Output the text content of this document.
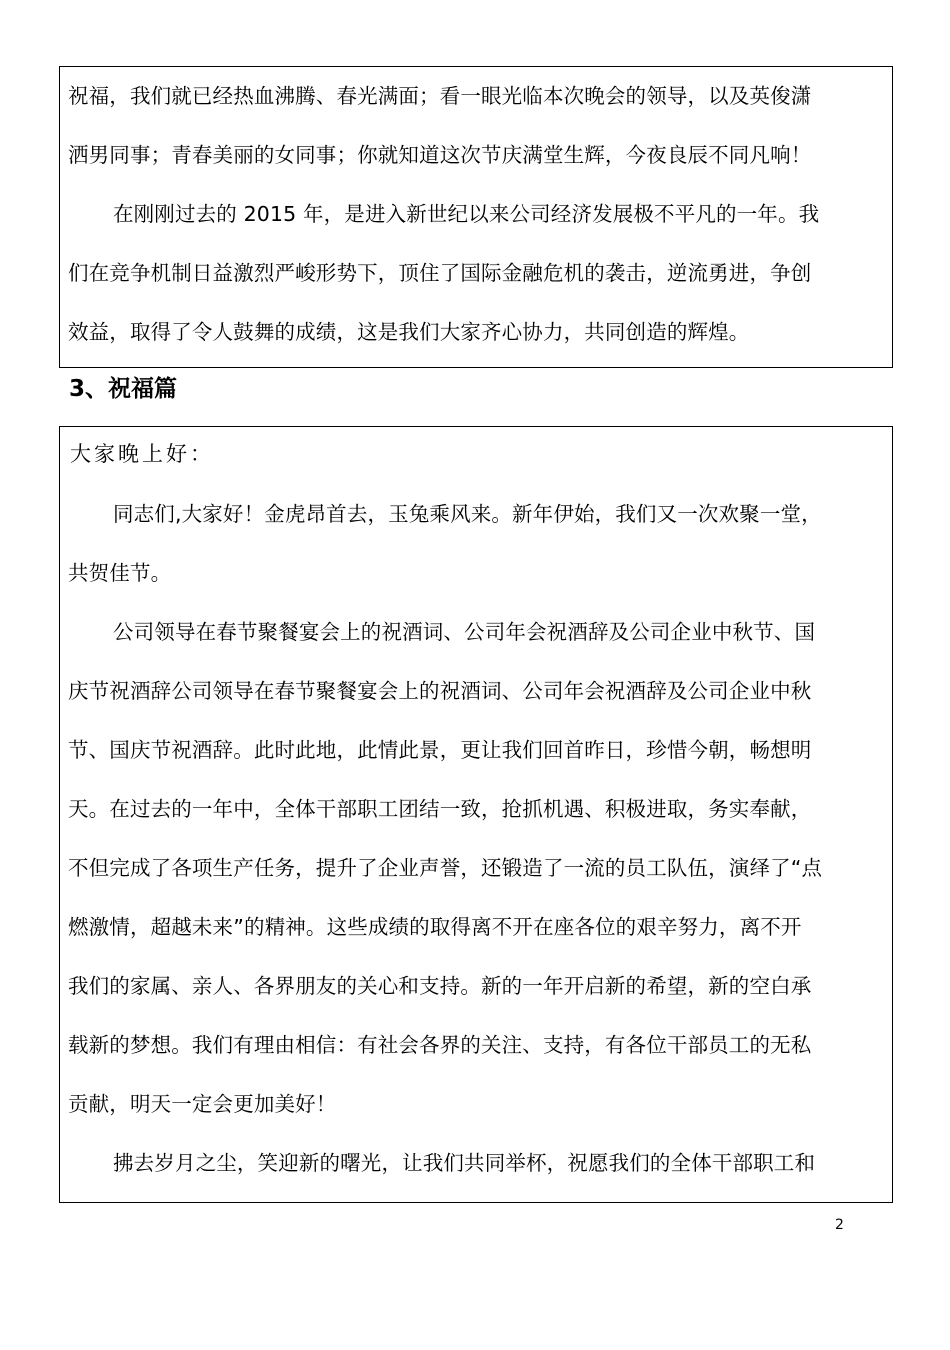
祝福，我们就已经热血沸腾、春光满面；看一眼光临本次晚会的领导，以及英俊潇
洒男同事；青春美丽的女同事；你就知道这次节庆满堂生辉，今夜良辰不同凡响！
在刚刚过去的 2015 年，是进入新世纪以来公司经济发展极不平凡的一年。我
们在竞争机制日益激烈严峻形势下，顶住了国际金融危机的袭击，逆流勇进，争创
效益，取得了令人鼓舞的成绩，这是我们大家齐心协力，共同创造的辉煌。
3、祝福篇
大家晚上好：
同志们,大家好！金虎昂首去，玉兔乘风来。新年伊始，我们又一次欢聚一堂，
共贺佳节。
公司领导在春节聚餐宴会上的祝酒词、公司年会祝酒辞及公司企业中秋节、国
庆节祝酒辞公司领导在春节聚餐宴会上的祝酒词、公司年会祝酒辞及公司企业中秋
节、国庆节祝酒辞。此时此地，此情此景，更让我们回首昨日，珍惜今朝，畅想明
天。在过去的一年中，全体干部职工团结一致，抢抓机遇、积极进取，务实奉献，
不但完成了各项生产任务，提升了企业声誉，还锻造了一流的员工队伍，演绎了“点
燃激情，超越未来”的精神。这些成绩的取得离不开在座各位的艰辛努力，离不开
我们的家属、亲人、各界朋友的关心和支持。新的一年开启新的希望，新的空白承
载新的梦想。我们有理由相信：有社会各界的关注、支持，有各位干部员工的无私
贡献，明天一定会更加美好！
拂去岁月之尘，笑迎新的曙光，让我们共同举杯，祝愿我们的全体干部职工和
2
